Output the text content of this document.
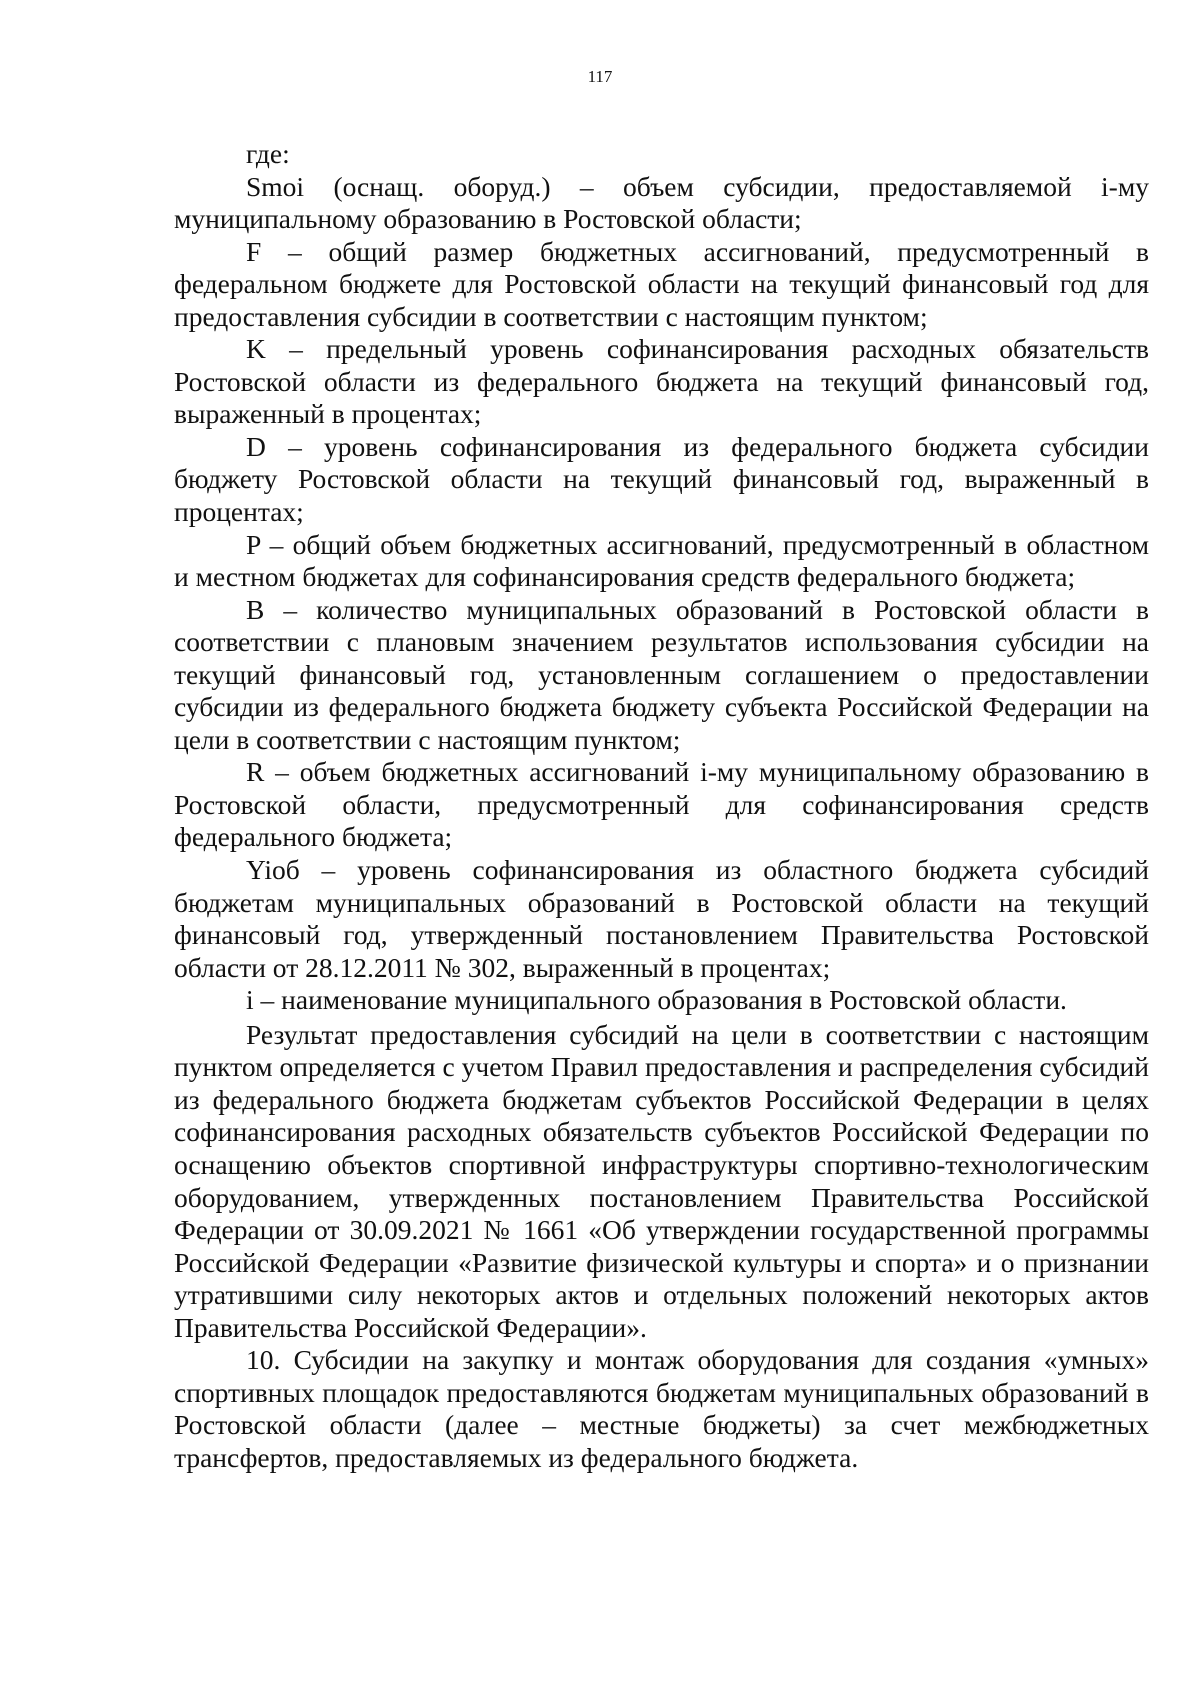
117

где:

Smoi (оснащ. оборуд.) – объем субсидии, предоставляемой i-му муниципальному образованию в Ростовской области;

F – общий размер бюджетных ассигнований, предусмотренный в федеральном бюджете для Ростовской области на текущий финансовый год для предоставления субсидии в соответствии с настоящим пунктом;

K – предельный уровень софинансирования расходных обязательств Ростовской области из федерального бюджета на текущий финансовый год, выраженный в процентах;

D – уровень софинансирования из федерального бюджета субсидии бюджету Ростовской области на текущий финансовый год, выраженный в процентах;

P – общий объем бюджетных ассигнований, предусмотренный в областном и местном бюджетах для софинансирования средств федерального бюджета;

B – количество муниципальных образований в Ростовской области в соответствии с плановым значением результатов использования субсидии на текущий финансовый год, установленным соглашением о предоставлении субсидии из федерального бюджета бюджету субъекта Российской Федерации на цели в соответствии с настоящим пунктом;

R – объем бюджетных ассигнований i-му муниципальному образованию в Ростовской области, предусмотренный для софинансирования средств федерального бюджета;

Yioб – уровень софинансирования из областного бюджета субсидий бюджетам муниципальных образований в Ростовской области на текущий финансовый год, утвержденный постановлением Правительства Ростовской области от 28.12.2011 № 302, выраженный в процентах;

i – наименование муниципального образования в Ростовской области.

Результат предоставления субсидий на цели в соответствии с настоящим пунктом определяется с учетом Правил предоставления и распределения субсидий из федерального бюджета бюджетам субъектов Российской Федерации в целях софинансирования расходных обязательств субъектов Российской Федерации по оснащению объектов спортивной инфраструктуры спортивно-технологическим оборудованием, утвержденных постановлением Правительства Российской Федерации от 30.09.2021 № 1661 «Об утверждении государственной программы Российской Федерации «Развитие физической культуры и спорта» и о признании утратившими силу некоторых актов и отдельных положений некоторых актов Правительства Российской Федерации».

10. Субсидии на закупку и монтаж оборудования для создания «умных» спортивных площадок предоставляются бюджетам муниципальных образований в Ростовской области (далее – местные бюджеты) за счет межбюджетных трансфертов, предоставляемых из федерального бюджета.
